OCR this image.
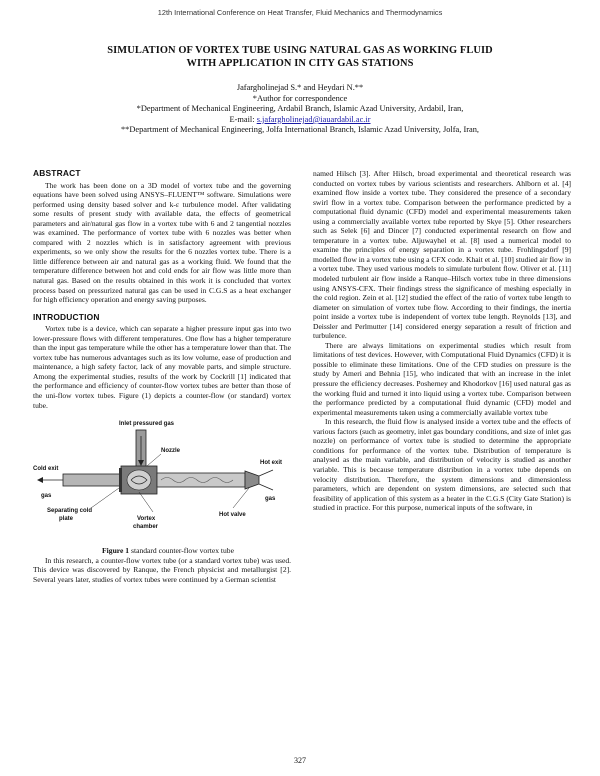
12th International Conference on Heat Transfer, Fluid Mechanics and Thermodynamics
SIMULATION OF VORTEX TUBE USING NATURAL GAS AS WORKING FLUID
WITH APPLICATION IN CITY GAS STATIONS
Jafargholinejad S.* and Heydari N.**
*Author for correspondence
*Department of Mechanical Engineering, Ardabil Branch, Islamic Azad University, Ardabil, Iran,
E-mail: s.jafargholinejad@iauardabil.ac.ir
**Department of Mechanical Engineering, Jolfa International Branch, Islamic Azad University, Jolfa, Iran,
ABSTRACT

The work has been done on a 3D model of vortex tube and the governing equations have been solved using ANSYS–FLUENT™ software. Simulations were performed using density based solver and k-ε turbulence model. After validating some results of present study with available data, the effects of geometrical parameters and air/natural gas flow in a vortex tube with 6 and 2 tangential nozzles was examined. The performance of vortex tube with 6 nozzles was better when compared with 2 nozzles which is in satisfactory agreement with previous experiments, so we only show the results for the 6 nozzles vortex tube. There is a little difference between air and natural gas as a working fluid. We found that the temperature difference between hot and cold ends for air flow was little more than natural gas. Based on the results obtained in this work it is concluded that vortex process based on pressurized natural gas can be used in C.G.S as a heat exchanger for high efficiency operation and energy saving purposes.

INTRODUCTION

Vortex tube is a device, which can separate a higher pressure input gas into two lower-pressure flows with different temperatures. One flow has a higher temperature than the input gas temperature while the other has a temperature lower than that. The vortex tube has numerous advantages such as its low volume, ease of production and maintenance, a high safety factor, lack of any movable parts, and simple structure. Among the experimental studies, results of the work by Cockrill [1] indicated that the performance and efficiency of counter-flow vortex tubes are better than those of the uni-flow vortex tubes. Figure (1) depicts a counter-flow (or standard) vortex tube.

Inlet pressured gas
Nozzle
Cold exit
gas
Hot exit
gas
Separating cold
plate	Vortex
chamber
Hot valve

Figure 1 standard counter-flow vortex tube

In this research, a counter-flow vortex tube (or a standard vortex tube) was used. This device was discovered by Ranque, the French physicist and metallurgist [2]. Several years later, studies of vortex tubes were continued by a German scientist

named Hilsch [3]. After Hilsch, broad experimental and theoretical research was conducted on vortex tubes by various scientists and researchers. Ahlborn et al. [4] examined flow inside a vortex tube. They considered the presence of a secondary swirl flow in a vortex tube. Comparison between the performance predicted by a computational fluid dynamic (CFD) model and experimental measurements taken using a commercially available vortex tube reported by Skye [5]. Other researchers such as Selek [6] and Dincer [7] conducted experimental research on flow and temperature in a vortex tube. Aljuwayhel et al. [8] used a numerical model to examine the principles of energy separation in a vortex tube. Frohlingsdorf [9] modelled flow in a vortex tube using a CFX code. Khait et al. [10] studied air flow in a vortex tube. They used various models to simulate turbulent flow. Oliver et al. [11] modeled turbulent air flow inside a Ranque–Hilsch vortex tube in three dimensions using ANSYS-CFX. Their findings stress the significance of meshing especially in the cold region. Zein et al. [12] studied the effect of the ratio of vortex tube length to diameter on simulation of vortex tube flow. According to their findings, the inertia point inside a vortex tube is independent of vortex tube length. Reynolds [13], and Deissler and Perlmutter [14] considered energy separation a result of friction and turbulence.

There are always limitations on experimental studies which result from limitations of test devices. However, with Computational Fluid Dynamics (CFD) it is possible to eliminate these limitations. One of the CFD studies on pressure is the study by Ameri and Behnia [15], who indicated that with an increase in the inlet pressure the efficiency decreases. Posherney and Khodorkov [16] used natural gas as the working fluid and turned it into liquid using a vortex tube. Comparison between the performance predicted by a computational fluid dynamic (CFD) model and experimental measurements taken using a commercially available vortex tube

In this research, the fluid flow is analysed inside a vortex tube and the effects of various factors (such as geometry, inlet gas boundary conditions, and size of inlet gas nozzle) on performance of vortex tube is studied to determine the appropriate conditions for performance of the vortex tube. Distribution of temperature is analysed as the main variable, and distribution of velocity is studied as another variable. This is because temperature distribution in a vortex tube depends on velocity distribution. Therefore, the system dimensions and dimensionless parameters, which are dependent on system dimensions, are selected such that feasibility of application of this system as a heater in the C.G.S (City Gate Station) is studied in practice. For this purpose, numerical inputs of the software, in

327
